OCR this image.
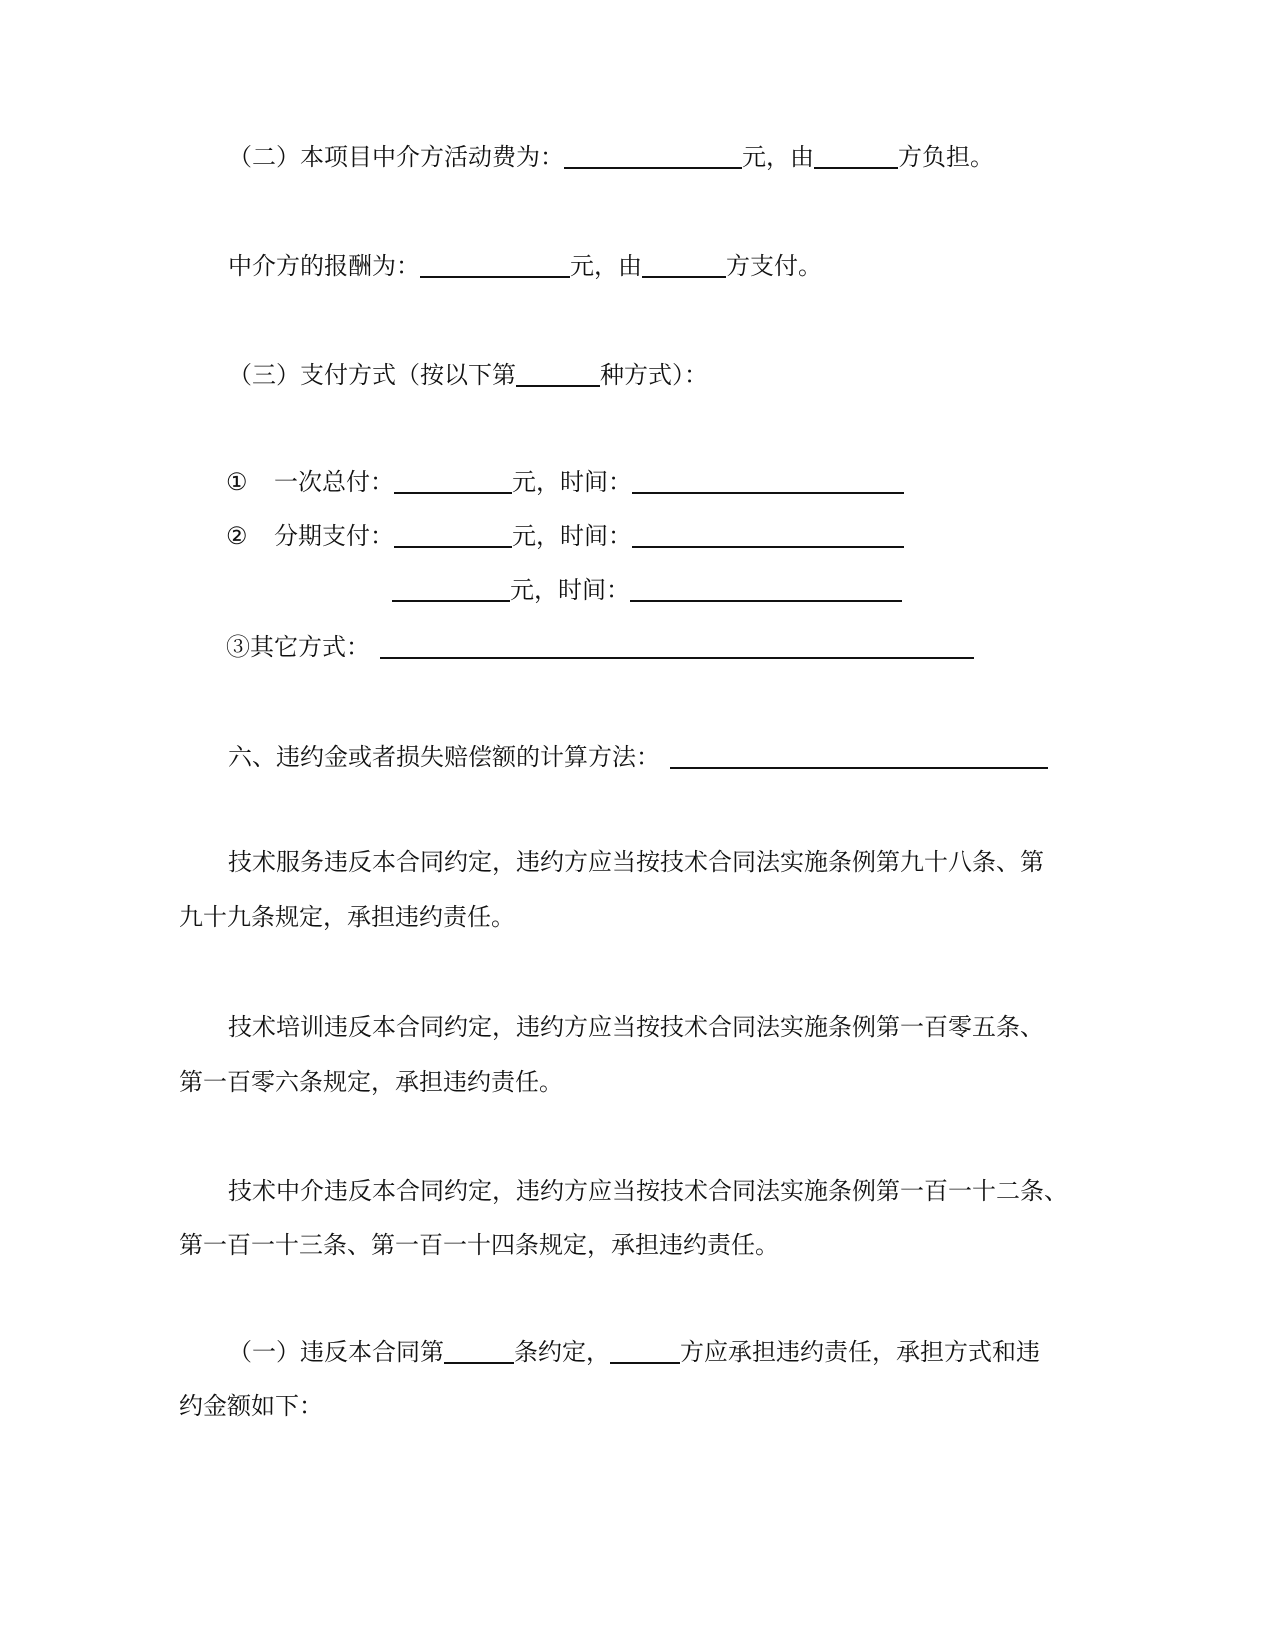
（二）本项目中介方活动费为：	元，由	方负担。
中介方的报酬为：	元，由	方支付。
（三）支付方式（按以下第	种方式）：
① 一次总付：	元，时间：
② 分期支付：	元，时间：
元，时间：
③其它方式：
六、违约金或者损失赔偿额的计算方法：
技术服务违反本合同约定，违约方应当按技术合同法实施条例第九十八条、第
九十九条规定，承担违约责任。
技术培训违反本合同约定，违约方应当按技术合同法实施条例第一百零五条、
第一百零六条规定，承担违约责任。
技术中介违反本合同约定，违约方应当按技术合同法实施条例第一百一十二条、
第一百一十三条、第一百一十四条规定，承担违约责任。
（一）违反本合同第	条约定，	方应承担违约责任，承担方式和违
约金额如下：
